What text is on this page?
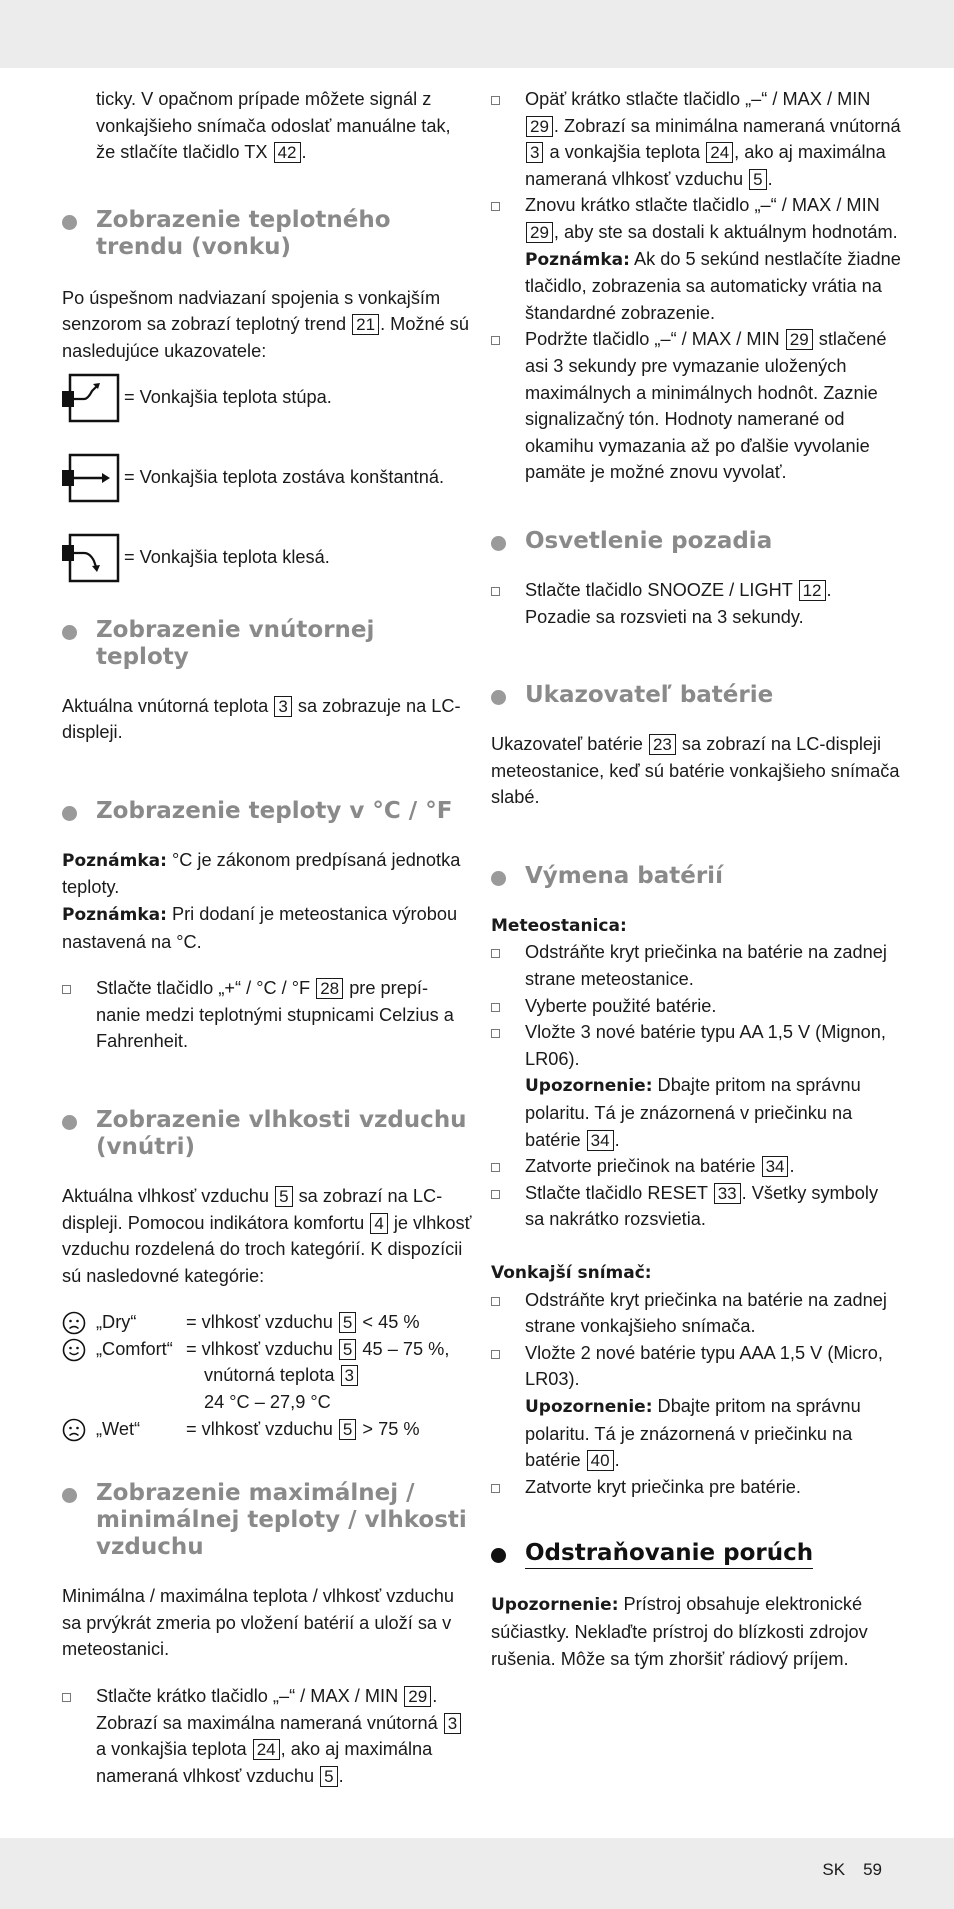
ticky. V opačnom prípade môžete signál z vonkajšieho snímača odoslať manuálne tak, že stlačíte tlačidlo TX 42 .

Zobrazenie teplotného trendu (vonku)

Po úspešnom nadviazaní spojenia s vonkajším senzorom sa zobrazí teplotný trend 21 . Možné sú nasledujúce ukazovatele:

= Vonkajšia teplota stúpa.
= Vonkajšia teplota zostáva konštantná.
= Vonkajšia teplota klesá.
Zobrazenie vnútornej teploty

Aktuálna vnútorná teplota 3 sa zobrazuje na LC-displeji.

Zobrazenie teploty v °C / °F

Poznámka: °C je zákonom predpísaná jednotka teploty.

Poznámka: Pri dodaní je meteostanica výrobou nastavená na °C.

Stlačte tlačidlo „+“ / °C / °F 28 pre prepí-nanie medzi teplotnými stupnicami Celzius a Fahrenheit.
Zobrazenie vlhkosti vzduchu (vnútri)

Aktuálna vlhkosť vzduchu 5 sa zobrazí na LC-displeji. Pomocou indikátora komfortu 4 je vlhkosť vzduchu rozdelená do troch kategórií. K dispozícii sú nasledovné kategórie:

„Dry“	= vlhkosť vzduchu 5 < 45 %
„Comfort“ = vlhkosť vzduchu 5 45 – 75 %,
vnútorná teplota 3
24 °C – 27,9 °C
„Wet“	= vlhkosť vzduchu 5 > 75 %
Zobrazenie maximálnej / minimálnej teploty / vlhkosti vzduchu

Minimálna / maximálna teplota / vlhkosť vzduchu sa prvýkrát zmeria po vložení batérií a uloží sa v meteostanici.

Stlačte krátko tlačidlo „–“ / MAX / MIN 29 . Zobrazí sa maximálna nameraná vnútorná 3 a vonkajšia teplota 24 , ako aj maximálna nameraná vlhkosť vzduchu 5 .
Opäť krátko stlačte tlačidlo „–“ / MAX / MIN 29 . Zobrazí sa minimálna nameraná vnútorná 3 a vonkajšia teplota 24 , ako aj maximálna nameraná vlhkosť vzduchu 5 .
Znovu krátko stlačte tlačidlo „–“ / MAX / MIN 29 , aby ste sa dostali k aktuálnym hodnotám.
Poznámka: Ak do 5 sekúnd nestlačíte žiadne tlačidlo, zobrazenia sa automaticky vrátia na štandardné zobrazenie.
Podržte tlačidlo „–“ / MAX / MIN 29 stlačené asi 3 sekundy pre vymazanie uložených maximálnych a minimálnych hodnôt. Zaznie signalizačný tón. Hodnoty namerané od okamihu vymazania až po ďalšie vyvolanie pamäte je možné znovu vyvolať.
Osvetlenie pozadia
Stlačte tlačidlo SNOOZE / LIGHT 12 . Pozadie sa rozsvieti na 3 sekundy.
Ukazovateľ batérie

Ukazovateľ batérie 23 sa zobrazí na LC-displeji meteostanice, keď sú batérie vonkajšieho snímača slabé.

Výmena batérií

Meteostanica:

Odstráňte kryt priečinka na batérie na zadnej strane meteostanice.
Vyberte použité batérie.
Vložte 3 nové batérie typu AA 1,5 V (Mignon, LR06).
Upozornenie: Dbajte pritom na správnu polaritu. Tá je znázornená v priečinku na batérie 34 .
Zatvorte priečinok na batérie 34 .
Stlačte tlačidlo RESET 33 . Všetky symboly sa nakrátko rozsvietia.

Vonkajší snímač:

Odstráňte kryt priečinka na batérie na zadnej strane vonkajšieho snímača.
Vložte 2 nové batérie typu AAA 1,5 V (Micro, LR03).
Upozornenie: Dbajte pritom na správnu polaritu. Tá je znázornená v priečinku na batérie 40 .
Zatvorte kryt priečinka pre batérie.
Odstraňovanie porúch

Upozornenie: Prístroj obsahuje elektronické súčiastky. Neklaďte prístroj do blízkosti zdrojov rušenia. Môže sa tým zhoršiť rádiový príjem.

SK 59
